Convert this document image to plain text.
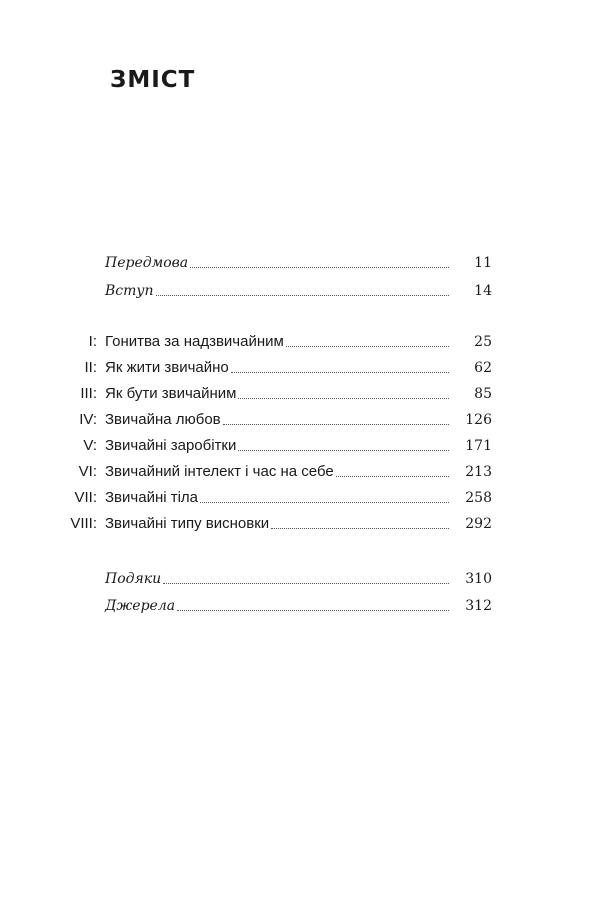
ЗМІСТ
Передмова	11
Вступ	14
I: Гонитва за надзвичайним	25
II: Як жити звичайно	62
III: Як бути звичайним	85
IV: Звичайна любов	126
V: Звичайні заробітки	171
VI: Звичайний інтелект і час на себе	213
VII: Звичайні тіла	258
VIII: Звичайні типу висновки	292
Подяки	310
Джерела	312
